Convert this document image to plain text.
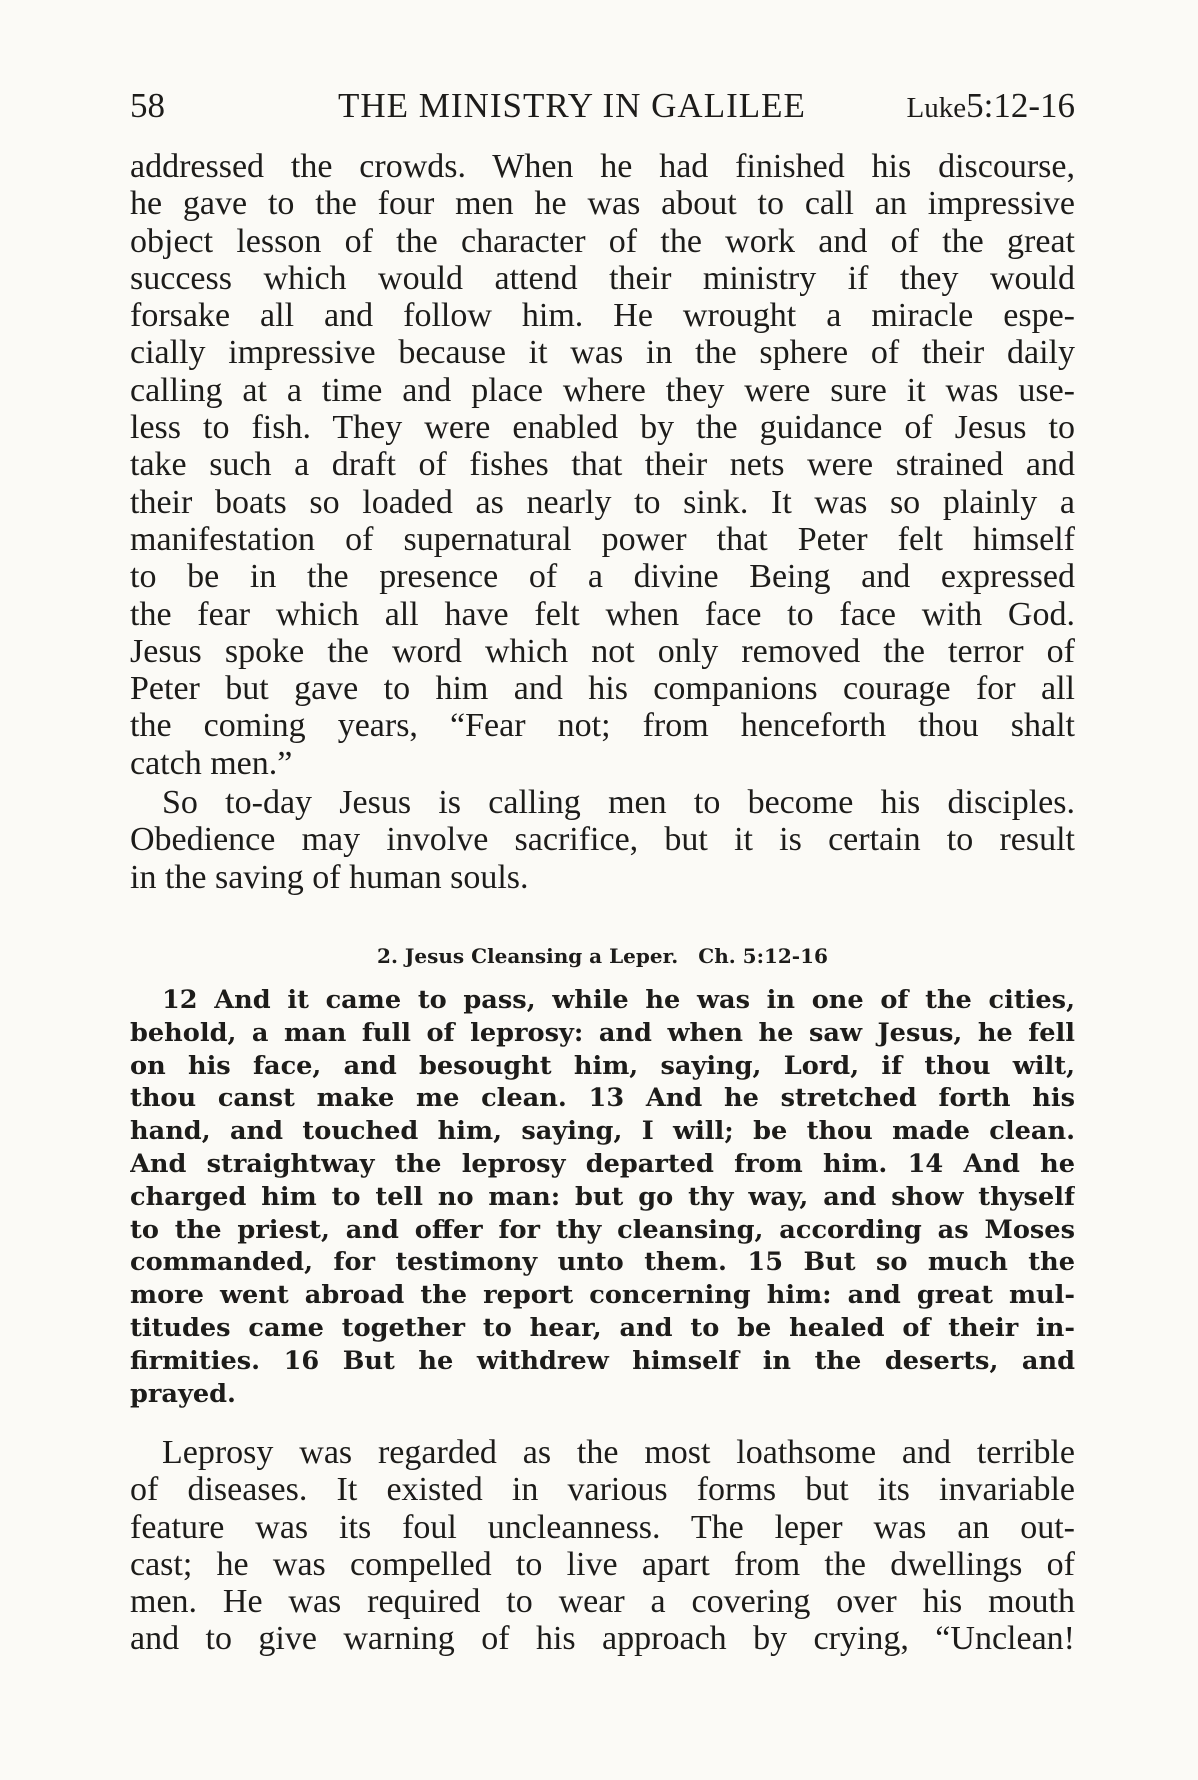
58	THE MINISTRY IN GALILEE	Luke5:12-16
addressed the crowds. When he had finished his discourse,
he gave to the four men he was about to call an impressive
object lesson of the character of the work and of the great
success which would attend their ministry if they would
forsake all and follow him. He wrought a miracle espe-
cially impressive because it was in the sphere of their daily
calling at a time and place where they were sure it was use-
less to fish. They were enabled by the guidance of Jesus to
take such a draft of fishes that their nets were strained and
their boats so loaded as nearly to sink. It was so plainly a
manifestation of supernatural power that Peter felt himself
to be in the presence of a divine Being and expressed
the fear which all have felt when face to face with God.
Jesus spoke the word which not only removed the terror of
Peter but gave to him and his companions courage for all
the coming years, “Fear not; from henceforth thou shalt
catch men.”
So to-day Jesus is calling men to become his disciples.
Obedience may involve sacrifice, but it is certain to result
in the saving of human souls.
2. Jesus Cleansing a Leper. Ch. 5:12-16
12 And it came to pass, while he was in one of the cities,
behold, a man full of leprosy: and when he saw Jesus, he fell
on his face, and besought him, saying, Lord, if thou wilt,
thou canst make me clean. 13 And he stretched forth his
hand, and touched him, saying, I will; be thou made clean.
And straightway the leprosy departed from him. 14 And he
charged him to tell no man: but go thy way, and show thyself
to the priest, and offer for thy cleansing, according as Moses
commanded, for testimony unto them. 15 But so much the
more went abroad the report concerning him: and great mul-
titudes came together to hear, and to be healed of their in-
firmities. 16 But he withdrew himself in the deserts, and
prayed.
Leprosy was regarded as the most loathsome and terrible
of diseases. It existed in various forms but its invariable
feature was its foul uncleanness. The leper was an out-
cast; he was compelled to live apart from the dwellings of
men. He was required to wear a covering over his mouth
and to give warning of his approach by crying, “Unclean!
